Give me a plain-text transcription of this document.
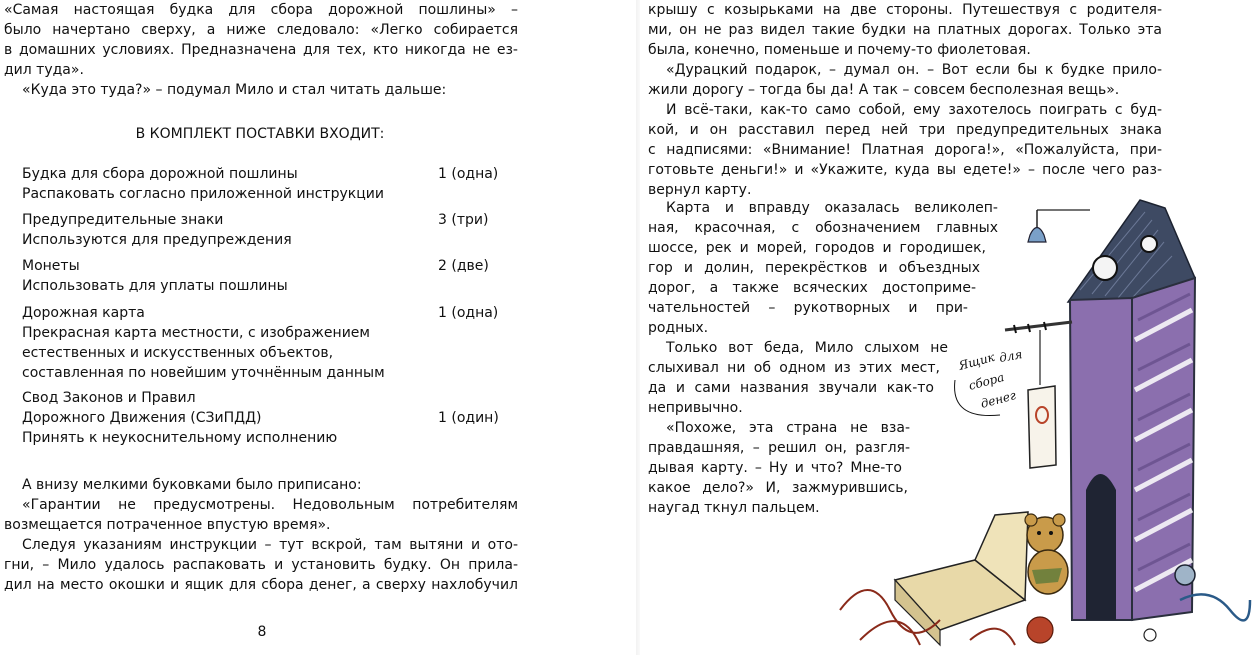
«Самая настоящая будка для сбора дорожной пошлины» –

было начертано сверху, а ниже следовало: «Легко собирается

в домашних условиях. Предназначена для тех, кто никогда не ез-

дил туда».

«Куда это туда?» – подумал Мило и стал читать дальше:

В КОМПЛЕКТ ПОСТАВКИ ВХОДИТ:
Будка для сбора дорожной пошлины	1 (одна)
Распаковать согласно приложенной инструкции
Предупредительные знаки	3 (три)
Используются для предупреждения
Монеты	2 (две)
Использовать для уплаты пошлины
Дорожная карта	1 (одна)
Прекрасная карта местности, с изображением
естественных и искусственных объектов,
составленная по новейшим уточнённым данным
Свод Законов и Правил
Дорожного Движения (СЗиПДД)	1 (один)
Принять к неукоснительному исполнению

А внизу мелкими буковками было приписано:

«Гарантии не предусмотрены. Недовольным потребителям

возмещается потраченное впустую время».

Следуя указаниям инструкции – тут вскрой, там вытяни и ото-

гни, – Мило удалось распаковать и установить будку. Он прила-

дил на место окошки и ящик для сбора денег, а сверху нахлобучил

8

крышу с козырьками на две стороны. Путешествуя с родителя-

ми, он не раз видел такие будки на платных дорогах. Только эта

была, конечно, поменьше и почему-то фиолетовая.

«Дурацкий подарок, – думал он. – Вот если бы к будке прило-

жили дорогу – тогда бы да! А так – совсем бесполезная вещь».

И всё-таки, как-то само собой, ему захотелось поиграть с буд-

кой, и он расставил перед ней три предупредительных знака

с надписями: «Внимание! Платная дорога!», «Пожалуйста, при-

готовьте деньги!» и «Укажите, куда вы едете!» – после чего раз-

вернул карту.

Карта и вправду оказалась великолеп-

ная, красочная, с обозначением главных

шоссе, рек и морей, городов и городишек,

гор и долин, перекрёстков и объездных

дорог, а также всяческих достоприме-

чательностей – рукотворных и при-

родных.

Только вот беда, Мило слыхом не

слыхивал ни об одном из этих мест,

да и сами названия звучали как-то

непривычно.

«Похоже, эта страна не вза-

правдашняя, – решил он, разгля-

дывая карту. – Ну и что? Мне-то

какое дело?» И, зажмурившись,

наугад ткнул пальцем.

Ящик для
сбора
денег
